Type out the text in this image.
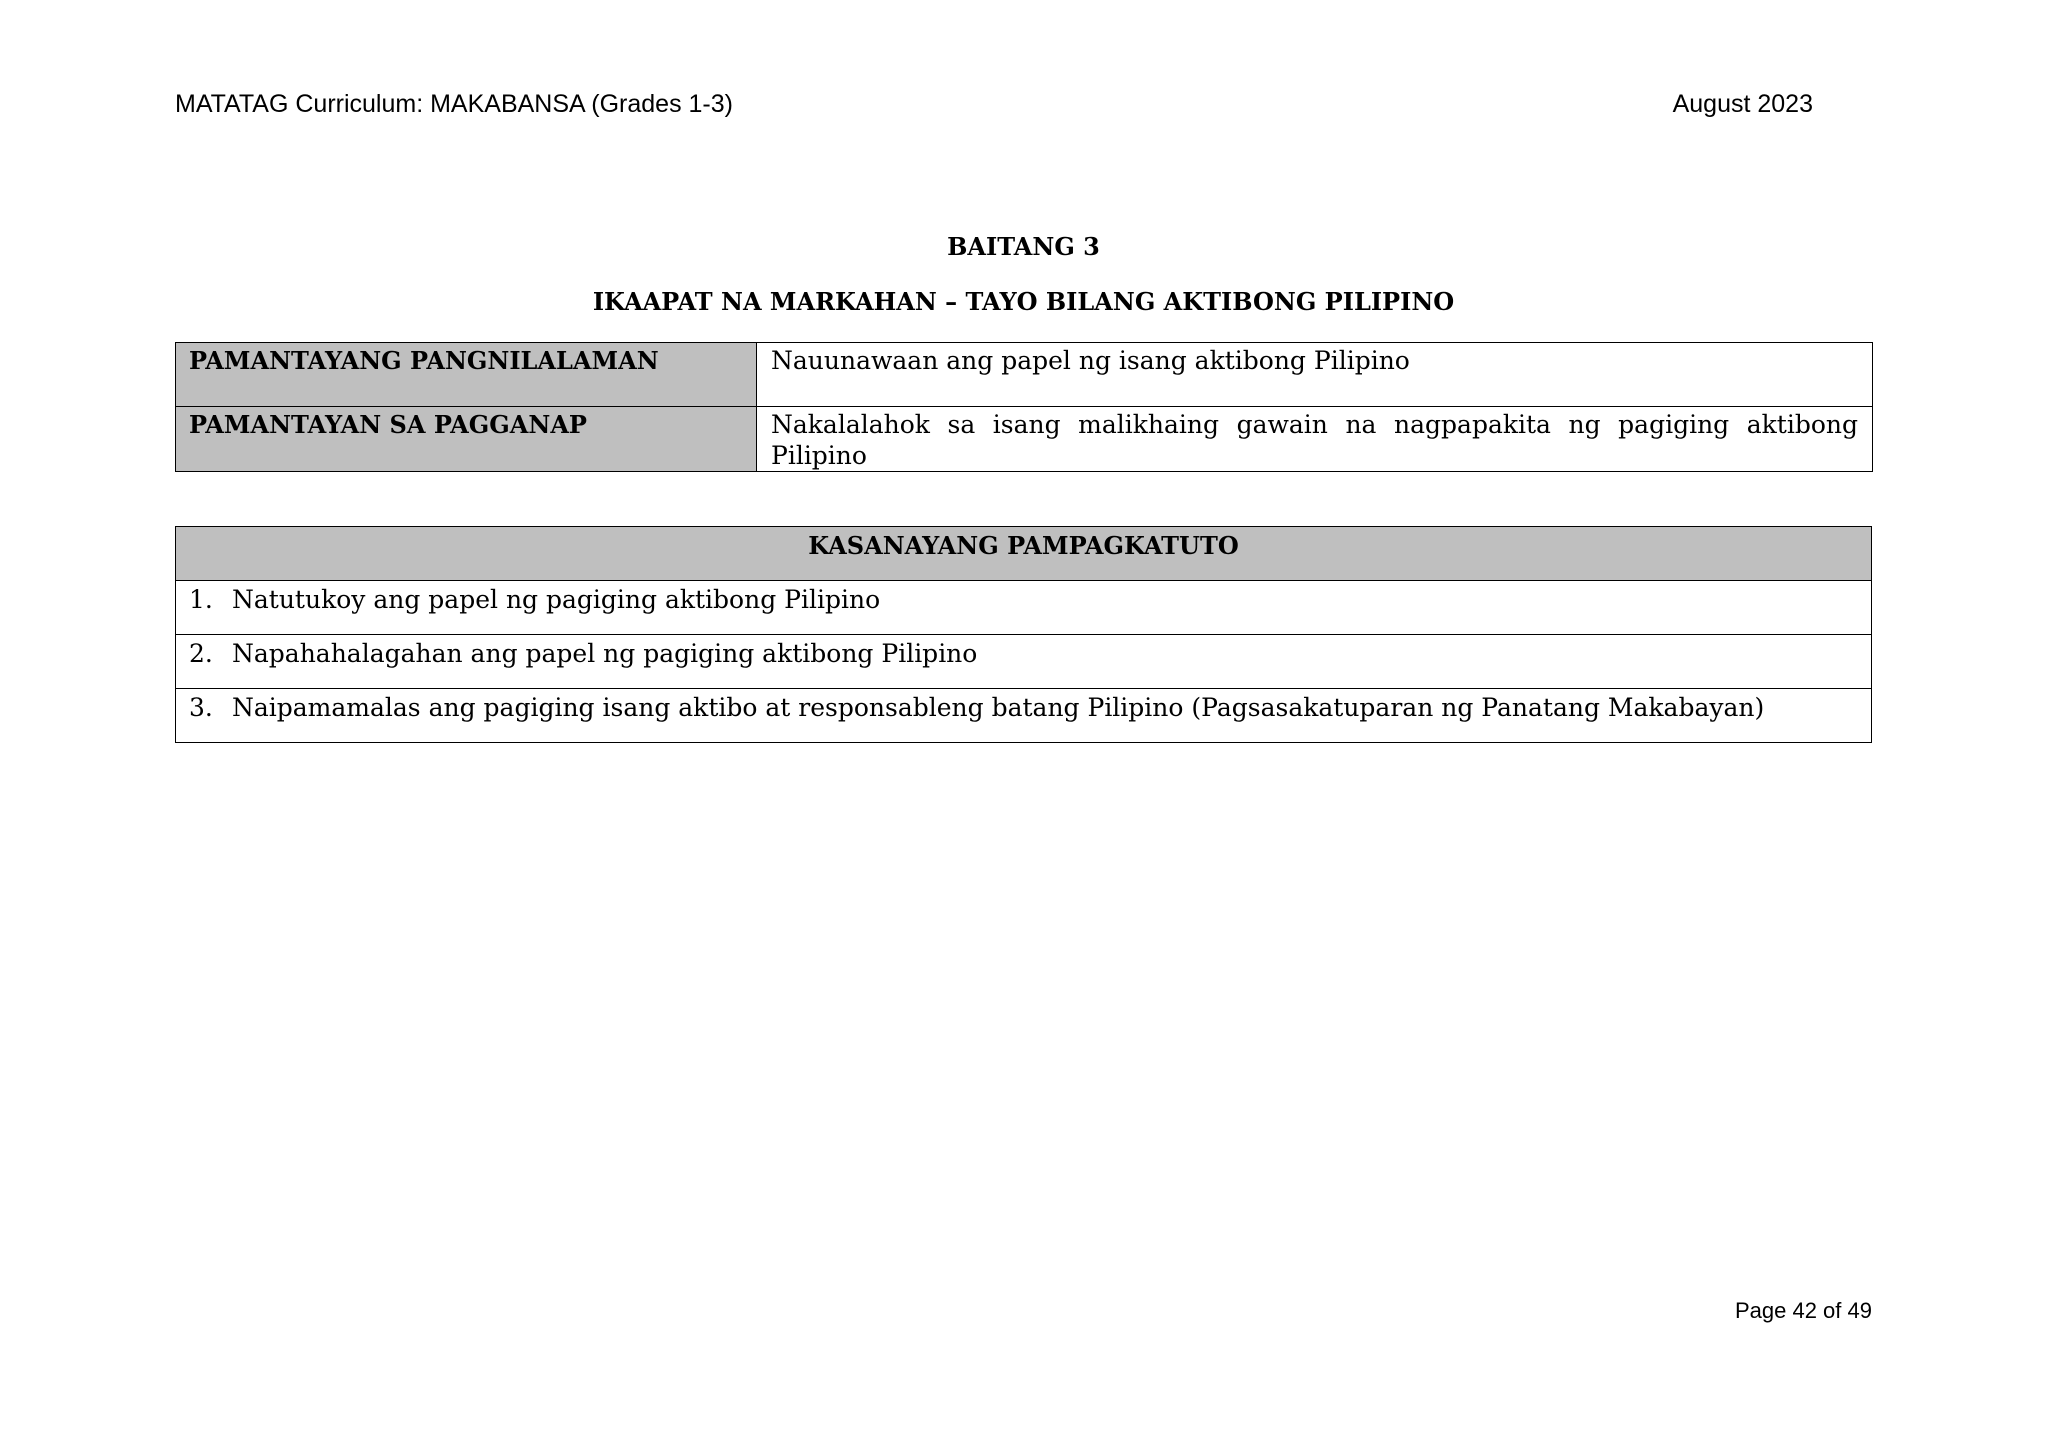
MATATAG Curriculum: MAKABANSA (Grades 1-3)	August 2023
BAITANG 3
IKAAPAT NA MARKAHAN – TAYO BILANG AKTIBONG PILIPINO
PAMANTAYANG PANGNILALAMAN	Nauunawaan ang papel ng isang aktibong Pilipino
PAMANTAYAN SA PAGGANAP	Nakalalahok sa isang malikhaing gawain na nagpapakita ng pagiging aktibong Pilipino
KASANAYANG PAMPAGKATUTO
1. Natutukoy ang papel ng pagiging aktibong Pilipino
2. Napahahalagahan ang papel ng pagiging aktibong Pilipino
3. Naipamamalas ang pagiging isang aktibo at responsableng batang Pilipino (Pagsasakatuparan ng Panatang Makabayan)
Page 42 of 49
